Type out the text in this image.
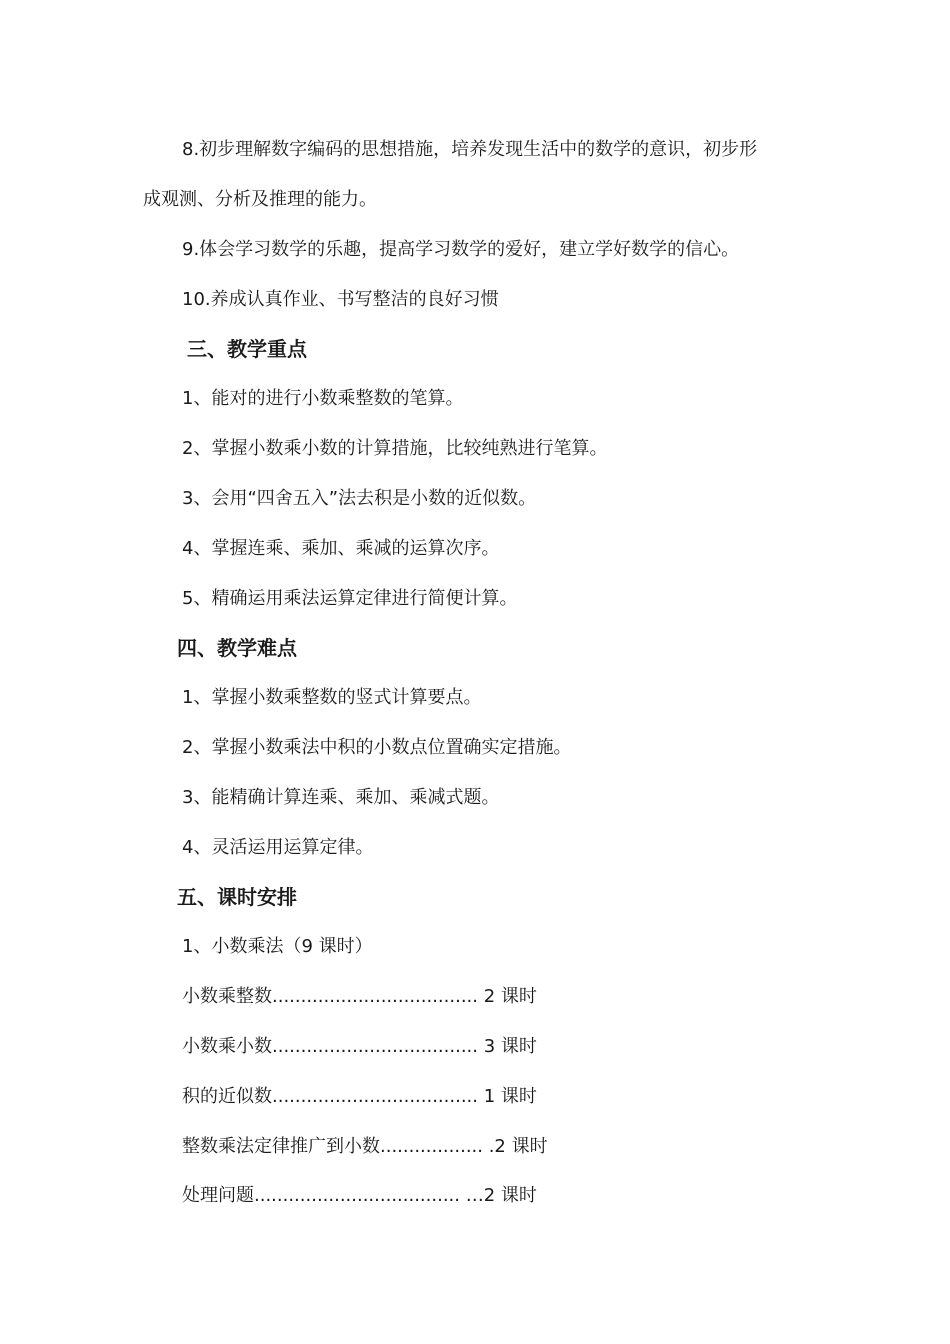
8.初步理解数字编码的思想措施，培养发现生活中的数学的意识，初步形
成观测、分析及推理的能力。
9.体会学习数学的乐趣，提高学习数学的爱好，建立学好数学的信心。
10.养成认真作业、书写整洁的良好习惯
三、教学重点
1、能对的进行小数乘整数的笔算。
2、掌握小数乘小数的计算措施，比较纯熟进行笔算。
3、会用“四舍五入”法去积是小数的近似数。
4、掌握连乘、乘加、乘减的运算次序。
5、精确运用乘法运算定律进行简便计算。
四、教学难点
1、掌握小数乘整数的竖式计算要点。
2、掌握小数乘法中积的小数点位置确实定措施。
3、能精确计算连乘、乘加、乘减式题。
4、灵活运用运算定律。
五、课时安排
1、小数乘法（9 课时）
小数乘整数.................................... 2 课时
小数乘小数.................................... 3 课时
积的近似数.................................... 1 课时
整数乘法定律推广到小数.................. .2 课时
处理问题.................................... …2 课时
